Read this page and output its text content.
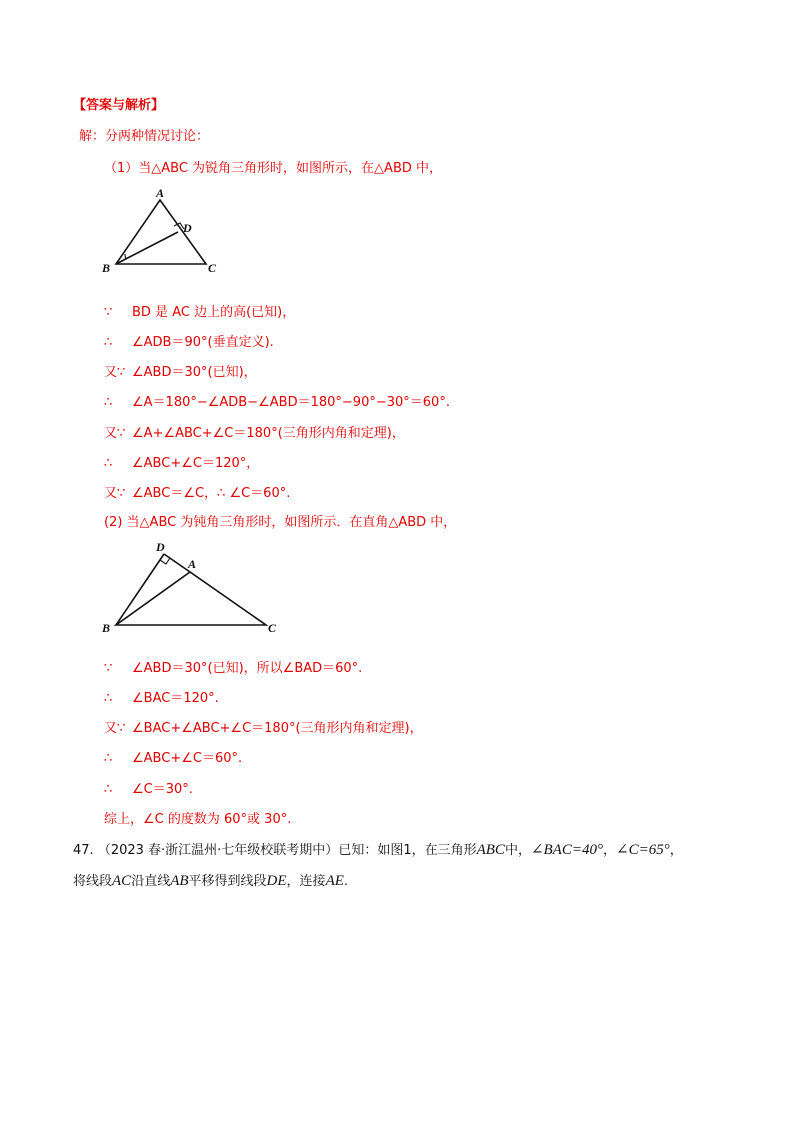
【答案与解析】
解：分两种情况讨论：
（1）当△ABC 为锐角三角形时，如图所示，在△ABD 中，
A
D
B	C
∵ BD 是 AC 边上的高(已知)，
∴ ∠ADB＝90°(垂直定义).
又∵ ∠ABD＝30°(已知)，
∴ ∠A＝180°−∠ADB−∠ABD＝180°−90°−30°＝60°.
又∵ ∠A+∠ABC+∠C＝180°(三角形内角和定理)，
∴ ∠ABC+∠C＝120°，
又∵ ∠ABC＝∠C，∴ ∠C＝60°.
(2) 当△ABC 为钝角三角形时，如图所示．在直角△ABD 中，
D
A
B	C
∵ ∠ABD＝30°(已知)，所以∠BAD＝60°.
∴ ∠BAC＝120°.
又∵ ∠BAC+∠ABC+∠C＝180°(三角形内角和定理)，
∴ ∠ABC+∠C＝60°.
∴ ∠C＝30°.
综上，∠C 的度数为 60°或 30°.
47. （2023 春·浙江温州·七年级校联考期中）已知：如图1，在三角形ABC中，∠BAC=40°，∠C=65°，
将线段AC沿直线AB平移得到线段DE，连接AE.
